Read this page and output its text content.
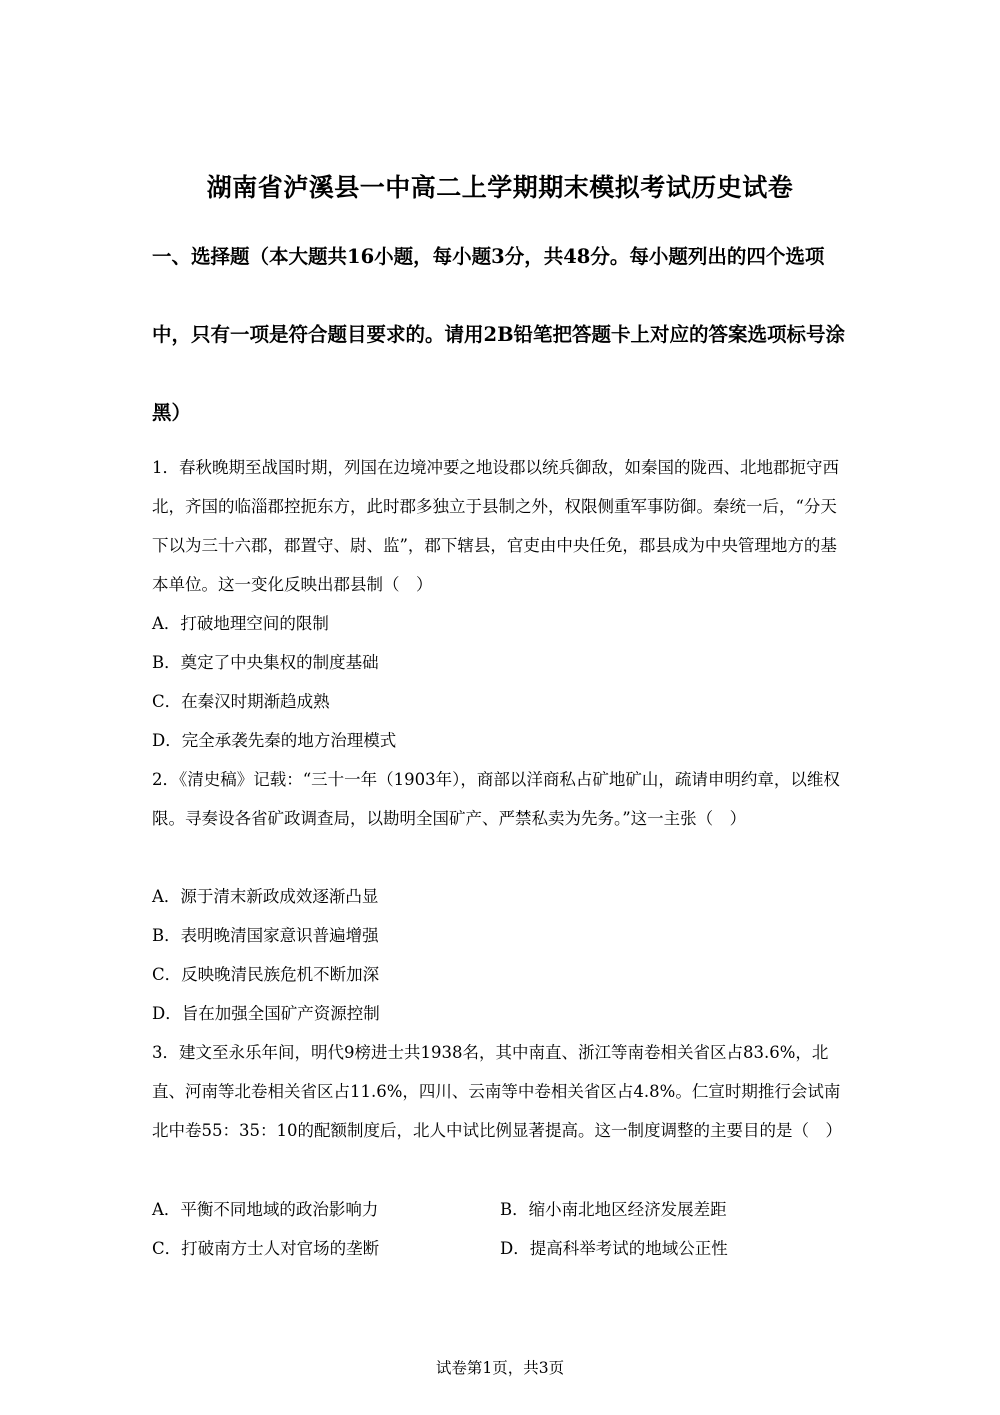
湖南省泸溪县一中高二上学期期末模拟考试历史试卷
一、选择题（本大题共16小题，每小题3分，共48分。每小题列出的四个选项中，只有一项是符合题目要求的。请用2B铅笔把答题卡上对应的答案选项标号涂黑）
1．春秋晚期至战国时期，列国在边境冲要之地设郡以统兵御敌，如秦国的陇西、北地郡扼守西北，齐国的临淄郡控扼东方，此时郡多独立于县制之外，权限侧重军事防御。秦统一后，“分天下以为三十六郡，郡置守、尉、监”，郡下辖县，官吏由中央任免，郡县成为中央管理地方的基本单位。这一变化反映出郡县制（　）
A．打破地理空间的限制
B．奠定了中央集权的制度基础
C．在秦汉时期渐趋成熟
D．完全承袭先秦的地方治理模式
2．《清史稿》记载：“三十一年（1903年），商部以洋商私占矿地矿山，疏请申明约章，以维权限。寻奏设各省矿政调查局，以勘明全国矿产、严禁私卖为先务。”这一主张（　）
A．源于清末新政成效逐渐凸显
B．表明晚清国家意识普遍增强
C．反映晚清民族危机不断加深
D．旨在加强全国矿产资源控制
3．建文至永乐年间，明代9榜进士共1938名，其中南直、浙江等南卷相关省区占83.6%，北直、河南等北卷相关省区占11.6%，四川、云南等中卷相关省区占4.8%。仁宣时期推行会试南北中卷55：35：10的配额制度后，北人中试比例显著提高。这一制度调整的主要目的是（　）
A．平衡不同地域的政治影响力	B．缩小南北地区经济发展差距
C．打破南方士人对官场的垄断	D．提高科举考试的地域公正性
试卷第1页，共3页
